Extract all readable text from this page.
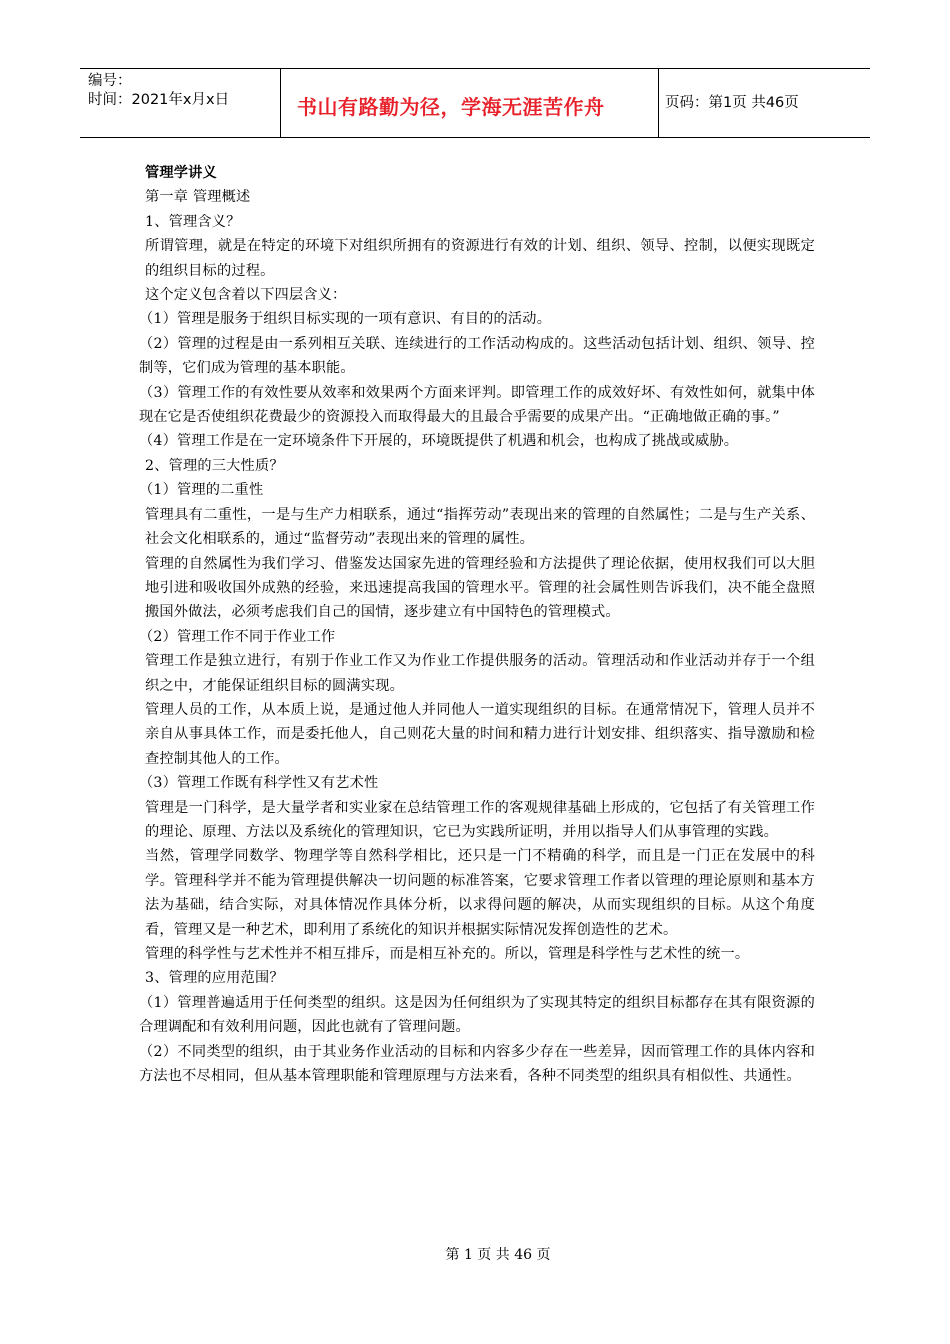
编号：
时间：2021年x月x日	书山有路勤为径，学海无涯苦作舟	页码：第1页 共46页

管理学讲义

第一章 管理概述

1、管理含义？

所谓管理，就是在特定的环境下对组织所拥有的资源进行有效的计划、组织、领导、控制，以便实现既定的组织目标的过程。

这个定义包含着以下四层含义：

（1）管理是服务于组织目标实现的一项有意识、有目的的活动。

（2）管理的过程是由一系列相互关联、连续进行的工作活动构成的。这些活动包括计划、组织、领导、控制等，它们成为管理的基本职能。

（3）管理工作的有效性要从效率和效果两个方面来评判。即管理工作的成效好坏、有效性如何，就集中体现在它是否使组织花费最少的资源投入而取得最大的且最合乎需要的成果产出。“正确地做正确的事。”

（4）管理工作是在一定环境条件下开展的，环境既提供了机遇和机会，也构成了挑战或威胁。

2、管理的三大性质？

（1）管理的二重性

管理具有二重性，一是与生产力相联系，通过“指挥劳动”表现出来的管理的自然属性；二是与生产关系、社会文化相联系的，通过“监督劳动”表现出来的管理的属性。

管理的自然属性为我们学习、借鉴发达国家先进的管理经验和方法提供了理论依据，使用权我们可以大胆地引进和吸收国外成熟的经验，来迅速提高我国的管理水平。管理的社会属性则告诉我们，决不能全盘照搬国外做法，必须考虑我们自己的国情，逐步建立有中国特色的管理模式。

（2）管理工作不同于作业工作

管理工作是独立进行，有别于作业工作又为作业工作提供服务的活动。管理活动和作业活动并存于一个组织之中，才能保证组织目标的圆满实现。

管理人员的工作，从本质上说，是通过他人并同他人一道实现组织的目标。在通常情况下，管理人员并不亲自从事具体工作，而是委托他人，自己则花大量的时间和精力进行计划安排、组织落实、指导激励和检查控制其他人的工作。

（3）管理工作既有科学性又有艺术性

管理是一门科学，是大量学者和实业家在总结管理工作的客观规律基础上形成的，它包括了有关管理工作的理论、原理、方法以及系统化的管理知识，它已为实践所证明，并用以指导人们从事管理的实践。

当然，管理学同数学、物理学等自然科学相比，还只是一门不精确的科学，而且是一门正在发展中的科学。管理科学并不能为管理提供解决一切问题的标准答案，它要求管理工作者以管理的理论原则和基本方法为基础，结合实际，对具体情况作具体分析，以求得问题的解决，从而实现组织的目标。从这个角度看，管理又是一种艺术，即利用了系统化的知识并根据实际情况发挥创造性的艺术。

管理的科学性与艺术性并不相互排斥，而是相互补充的。所以，管理是科学性与艺术性的统一。

3、管理的应用范围？

（1）管理普遍适用于任何类型的组织。这是因为任何组织为了实现其特定的组织目标都存在其有限资源的合理调配和有效利用问题，因此也就有了管理问题。

（2）不同类型的组织，由于其业务作业活动的目标和内容多少存在一些差异，因而管理工作的具体内容和方法也不尽相同，但从基本管理职能和管理原理与方法来看，各种不同类型的组织具有相似性、共通性。

第 1 页 共 46 页
